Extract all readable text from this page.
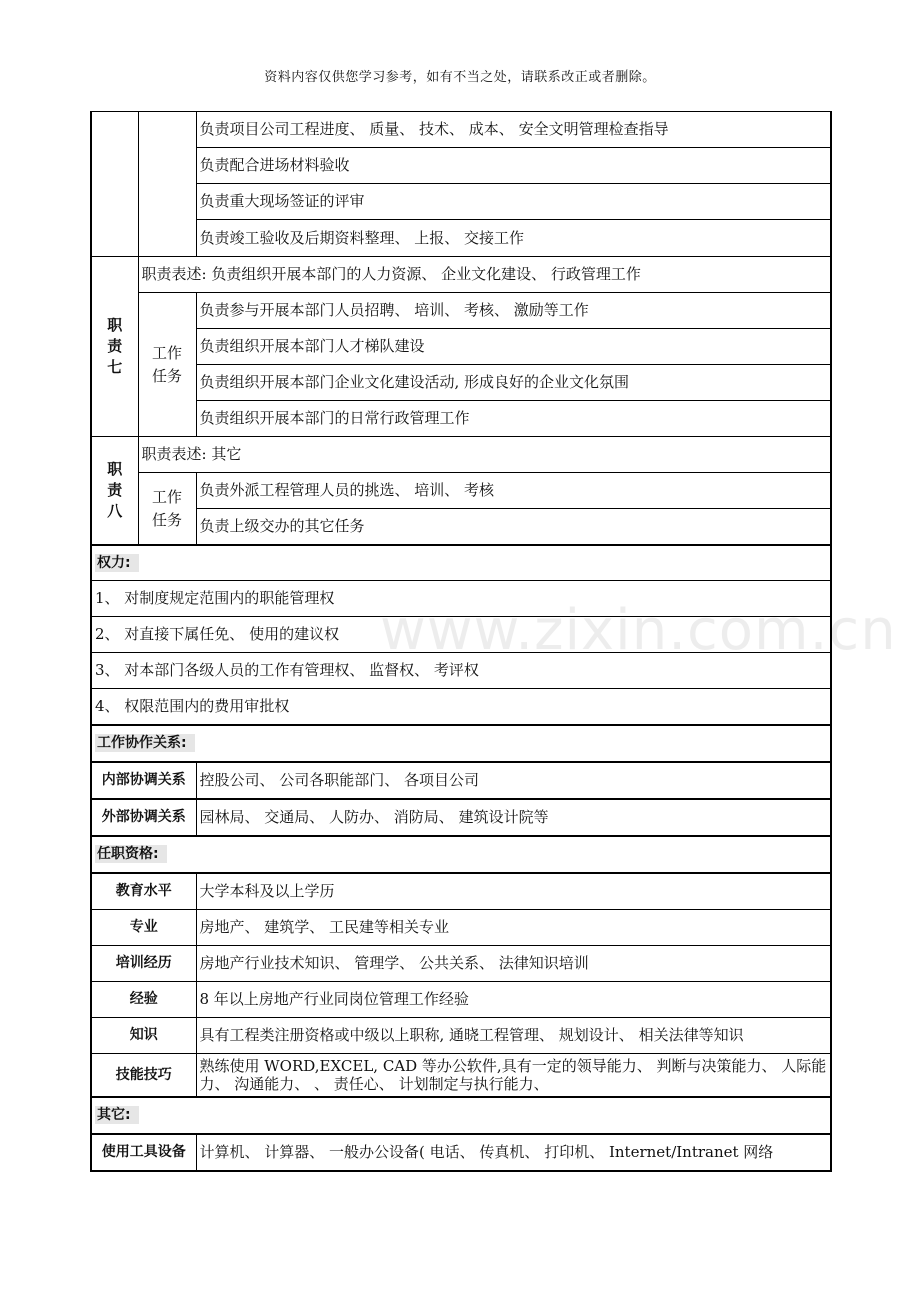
资料内容仅供您学习参考，如有不当之处，请联系改正或者删除。
www.zixin.com.cn
		负责项目公司工程进度、 质量、 技术、 成本、 安全文明管理检查指导
		负责配合进场材料验收
		负责重大现场签证的评审
		负责竣工验收及后期资料整理、 上报、 交接工作

职责七	职责表述: 负责组织开展本部门的人力资源、 企业文化建设、 行政管理工作	

	工作任务	负责参与开展本部门人员招聘、 培训、 考核、 激励等工作
		负责组织开展本部门人才梯队建设
		负责组织开展本部门企业文化建设活动, 形成良好的企业文化氛围
		负责组织开展本部门的日常行政管理工作

职责八	职责表述: 其它	

	工作任务	负责外派工程管理人员的挑选、 培训、 考核
		负责上级交办的其它任务
权力:	
1、 对制度规定范围内的职能管理权	
2、 对直接下属任免、 使用的建议权	
3、 对本部门各级人员的工作有管理权、 监督权、 考评权	
4、 权限范围内的费用审批权	
工作协作关系:	
内部协调关系	控股公司、 公司各职能部门、 各项目公司
外部协调关系	园林局、 交通局、 人防办、 消防局、 建筑设计院等
任职资格:	
教育水平	大学本科及以上学历
专业	房地产、 建筑学、 工民建等相关专业
培训经历	房地产行业技术知识、 管理学、 公共关系、 法律知识培训
经验	8 年以上房地产行业同岗位管理工作经验
知识	具有工程类注册资格或中级以上职称, 通晓工程管理、 规划设计、 相关法律等知识
技能技巧	熟练使用 WORD,EXCEL, CAD 等办公软件,具有一定的领导能力、 判断与决策能力、 人际能力、 沟通能力、 、 责任心、 计划制定与执行能力、
其它:	
使用工具设备	计算机、 计算器、 一般办公设备( 电话、 传真机、 打印机、 Internet/Intranet 网络
